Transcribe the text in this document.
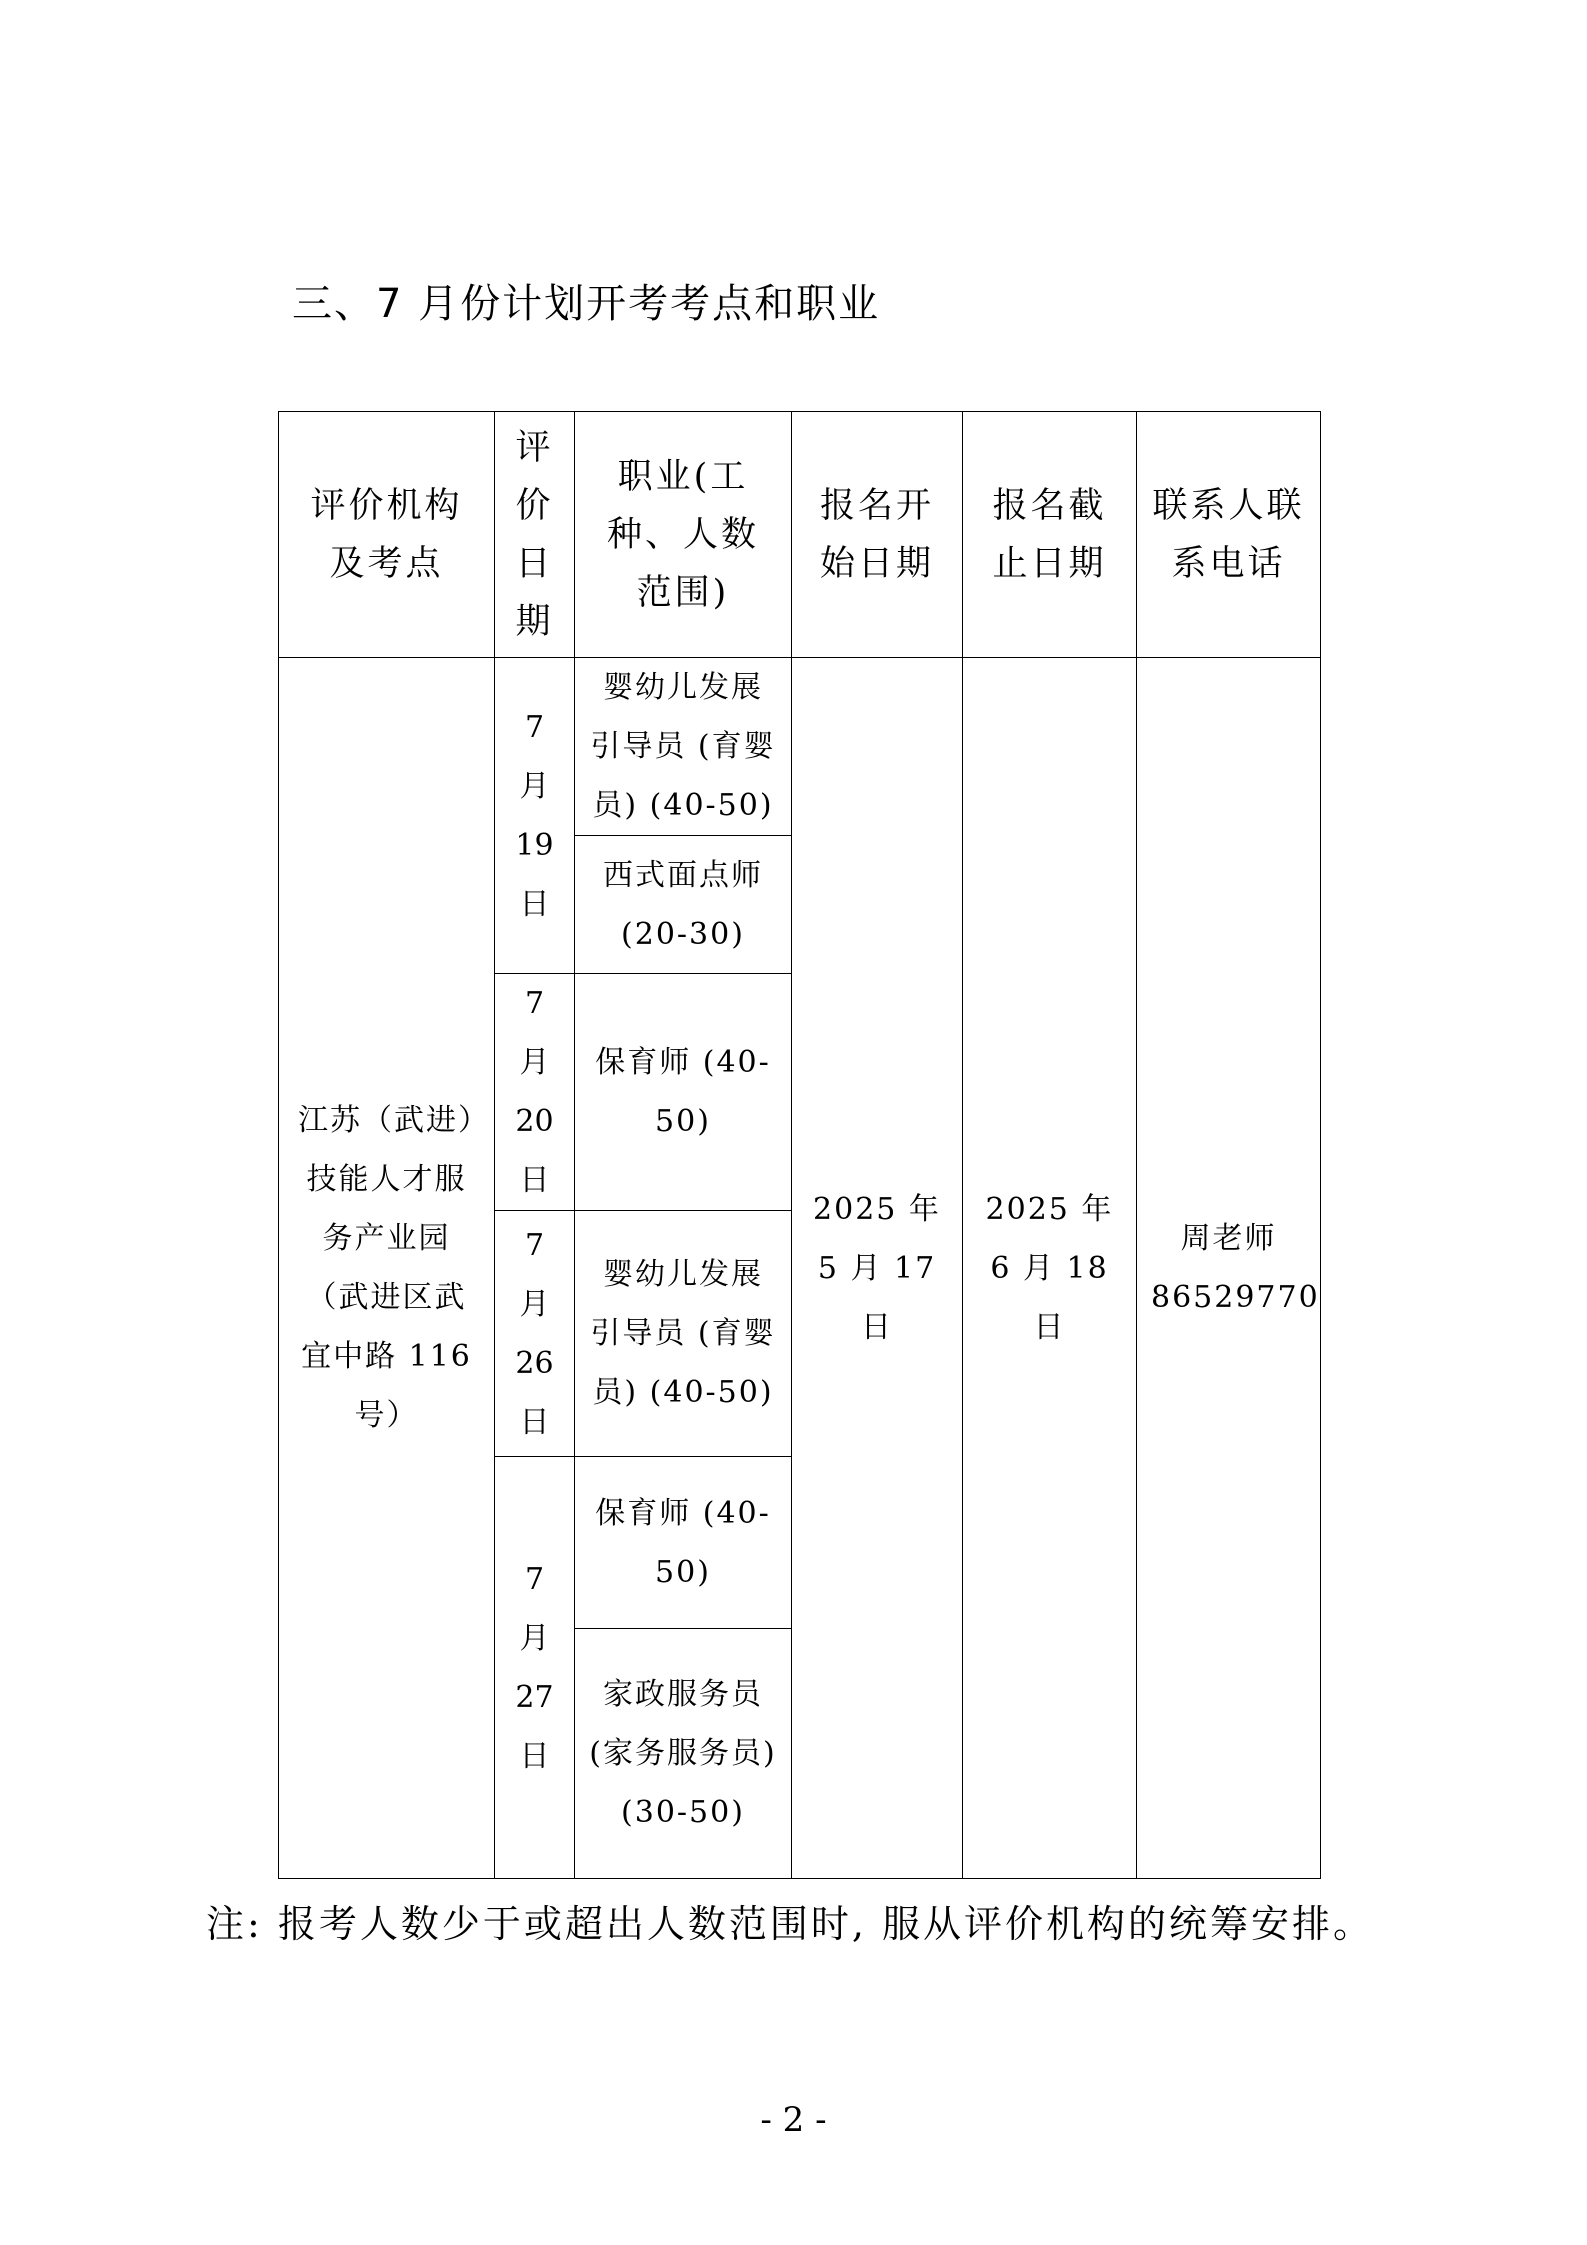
三、7 月份计划开考考点和职业
评价机构及考点	评价日期	职业(工种、人数范围)	报名开始日期	报名截止日期	联系人联系电话

江苏（武进）技能人才服务产业园（武进区武宜中路 116 号）	7月19日	婴幼儿发展引导员 (育婴员) (40-50)	2025 年 5 月 17 日	2025 年 6 月 18 日	周老师
86529770

		西式面点师 (20-30)			

	7月20日	保育师 (40-50)			

	7月26日	婴幼儿发展引导员 (育婴员) (40-50)			

	7月27日	保育师 (40-50)			

		家政服务员 (家务服务员) (30-50)			
注: 报考人数少于或超出人数范围时, 服从评价机构的统筹安排。
- 2 -
